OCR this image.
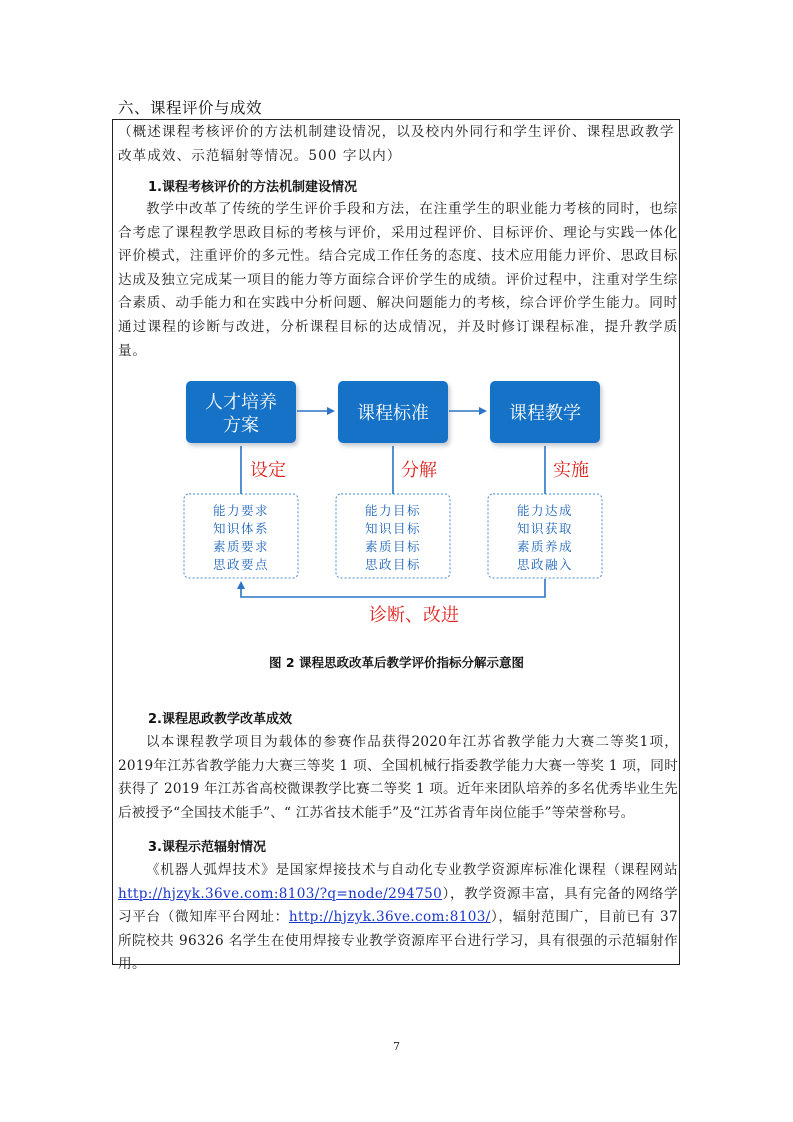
六、课程评价与成效
（概述课程考核评价的方法机制建设情况，以及校内外同行和学生评价、课程思政教学改革成效、示范辐射等情况。500 字以内）
1.课程考核评价的方法机制建设情况
教学中改革了传统的学生评价手段和方法，在注重学生的职业能力考核的同时，也综合考虑了课程教学思政目标的考核与评价，采用过程评价、目标评价、理论与实践一体化评价模式，注重评价的多元性。结合完成工作任务的态度、技术应用能力评价、思政目标达成及独立完成某一项目的能力等方面综合评价学生的成绩。评价过程中，注重对学生综合素质、动手能力和在实践中分析问题、解决问题能力的考核，综合评价学生能力。同时通过课程的诊断与改进，分析课程目标的达成情况，并及时修订课程标准，提升教学质量。
人才培养
方案
课程标准	课程教学
设定	分解	实施
能力要求
知识体系
素质要求
思政要点
能力目标
知识目标
素质目标
思政目标
能力达成
知识获取
素质养成
思政融入
诊断、改进
图 2 课程思政改革后教学评价指标分解示意图
2.课程思政教学改革成效
以本课程教学项目为载体的参赛作品获得2020年江苏省教学能力大赛二等奖1项，2019年江苏省教学能力大赛三等奖 1 项、全国机械行指委教学能力大赛一等奖 1 项，同时获得了 2019 年江苏省高校微课教学比赛二等奖 1 项。近年来团队培养的多名优秀毕业生先后被授予“全国技术能手”、“ 江苏省技术能手”及“江苏省青年岗位能手”等荣誉称号。
3.课程示范辐射情况
《机器人弧焊技术》是国家焊接技术与自动化专业教学资源库标准化课程（课程网站http://hjzyk.36ve.com:8103/?q=node/294750），教学资源丰富，具有完备的网络学习平台（微知库平台网址：http://hjzyk.36ve.com:8103/），辐射范围广，目前已有 37 所院校共 96326 名学生在使用焊接专业教学资源库平台进行学习，具有很强的示范辐射作用。
7
